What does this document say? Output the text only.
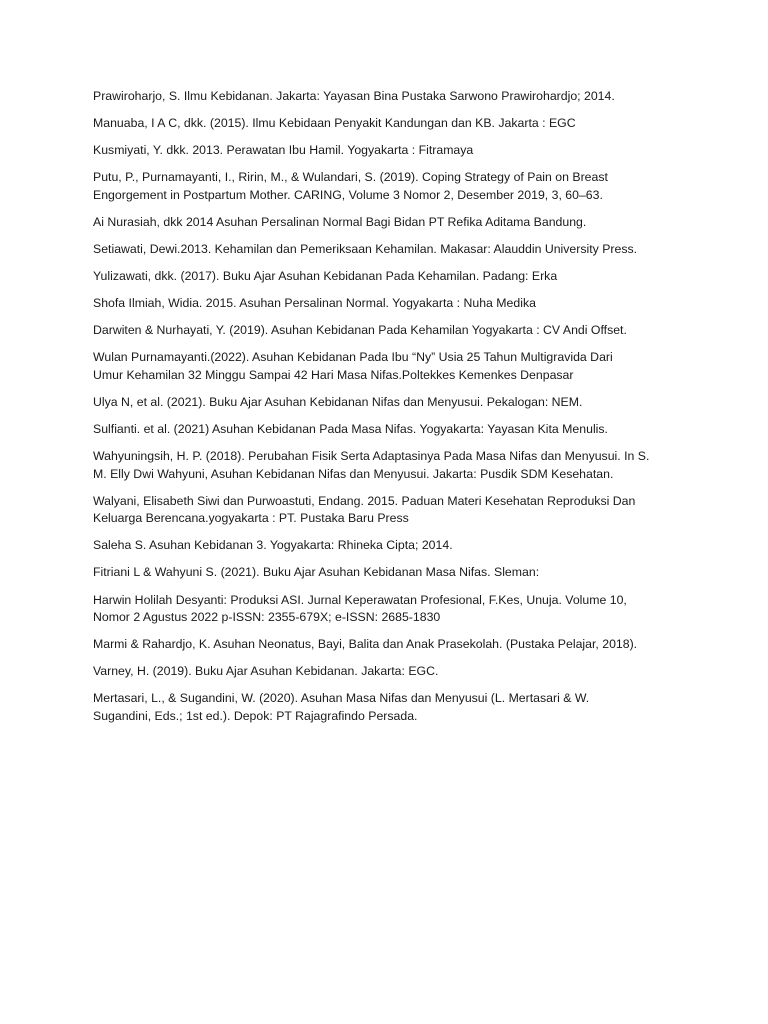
Prawiroharjo, S. Ilmu Kebidanan. Jakarta: Yayasan Bina Pustaka Sarwono Prawirohardjo; 2014.
Manuaba, I A C, dkk. (2015). Ilmu Kebidaan Penyakit Kandungan dan KB. Jakarta : EGC
Kusmiyati, Y. dkk. 2013. Perawatan Ibu Hamil. Yogyakarta : Fitramaya
Putu, P., Purnamayanti, I., Ririn, M., & Wulandari, S. (2019). Coping Strategy of Pain on Breast
Engorgement in Postpartum Mother. CARING, Volume 3 Nomor 2, Desember 2019, 3, 60–63.
Ai Nurasiah, dkk 2014 Asuhan Persalinan Normal Bagi Bidan PT Refika Aditama Bandung.
Setiawati, Dewi.2013. Kehamilan dan Pemeriksaan Kehamilan. Makasar: Alauddin University Press.
Yulizawati, dkk. (2017). Buku Ajar Asuhan Kebidanan Pada Kehamilan. Padang: Erka
Shofa Ilmiah, Widia. 2015. Asuhan Persalinan Normal. Yogyakarta : Nuha Medika
Darwiten & Nurhayati, Y. (2019). Asuhan Kebidanan Pada Kehamilan Yogyakarta : CV Andi Offset.
Wulan Purnamayanti.(2022). Asuhan Kebidanan Pada Ibu “Ny” Usia 25 Tahun Multigravida Dari
Umur Kehamilan 32 Minggu Sampai 42 Hari Masa Nifas.Poltekkes Kemenkes Denpasar
Ulya N, et al. (2021). Buku Ajar Asuhan Kebidanan Nifas dan Menyusui. Pekalogan: NEM.
Sulfianti. et al. (2021) Asuhan Kebidanan Pada Masa Nifas. Yogyakarta: Yayasan Kita Menulis.
Wahyuningsih, H. P. (2018). Perubahan Fisik Serta Adaptasinya Pada Masa Nifas dan Menyusui. In S.
M. Elly Dwi Wahyuni, Asuhan Kebidanan Nifas dan Menyusui. Jakarta: Pusdik SDM Kesehatan.
Walyani, Elisabeth Siwi dan Purwoastuti, Endang. 2015. Paduan Materi Kesehatan Reproduksi Dan
Keluarga Berencana.yogyakarta : PT. Pustaka Baru Press
Saleha S. Asuhan Kebidanan 3. Yogyakarta: Rhineka Cipta; 2014.
Fitriani L & Wahyuni S. (2021). Buku Ajar Asuhan Kebidanan Masa Nifas. Sleman:
Harwin Holilah Desyanti: Produksi ASI. Jurnal Keperawatan Profesional, F.Kes, Unuja. Volume 10,
Nomor 2 Agustus 2022 p-ISSN: 2355-679X; e-ISSN: 2685-1830
Marmi & Rahardjo, K. Asuhan Neonatus, Bayi, Balita dan Anak Prasekolah. (Pustaka Pelajar, 2018).
Varney, H. (2019). Buku Ajar Asuhan Kebidanan. Jakarta: EGC.
Mertasari, L., & Sugandini, W. (2020). Asuhan Masa Nifas dan Menyusui (L. Mertasari & W.
Sugandini, Eds.; 1st ed.). Depok: PT Rajagrafindo Persada.
